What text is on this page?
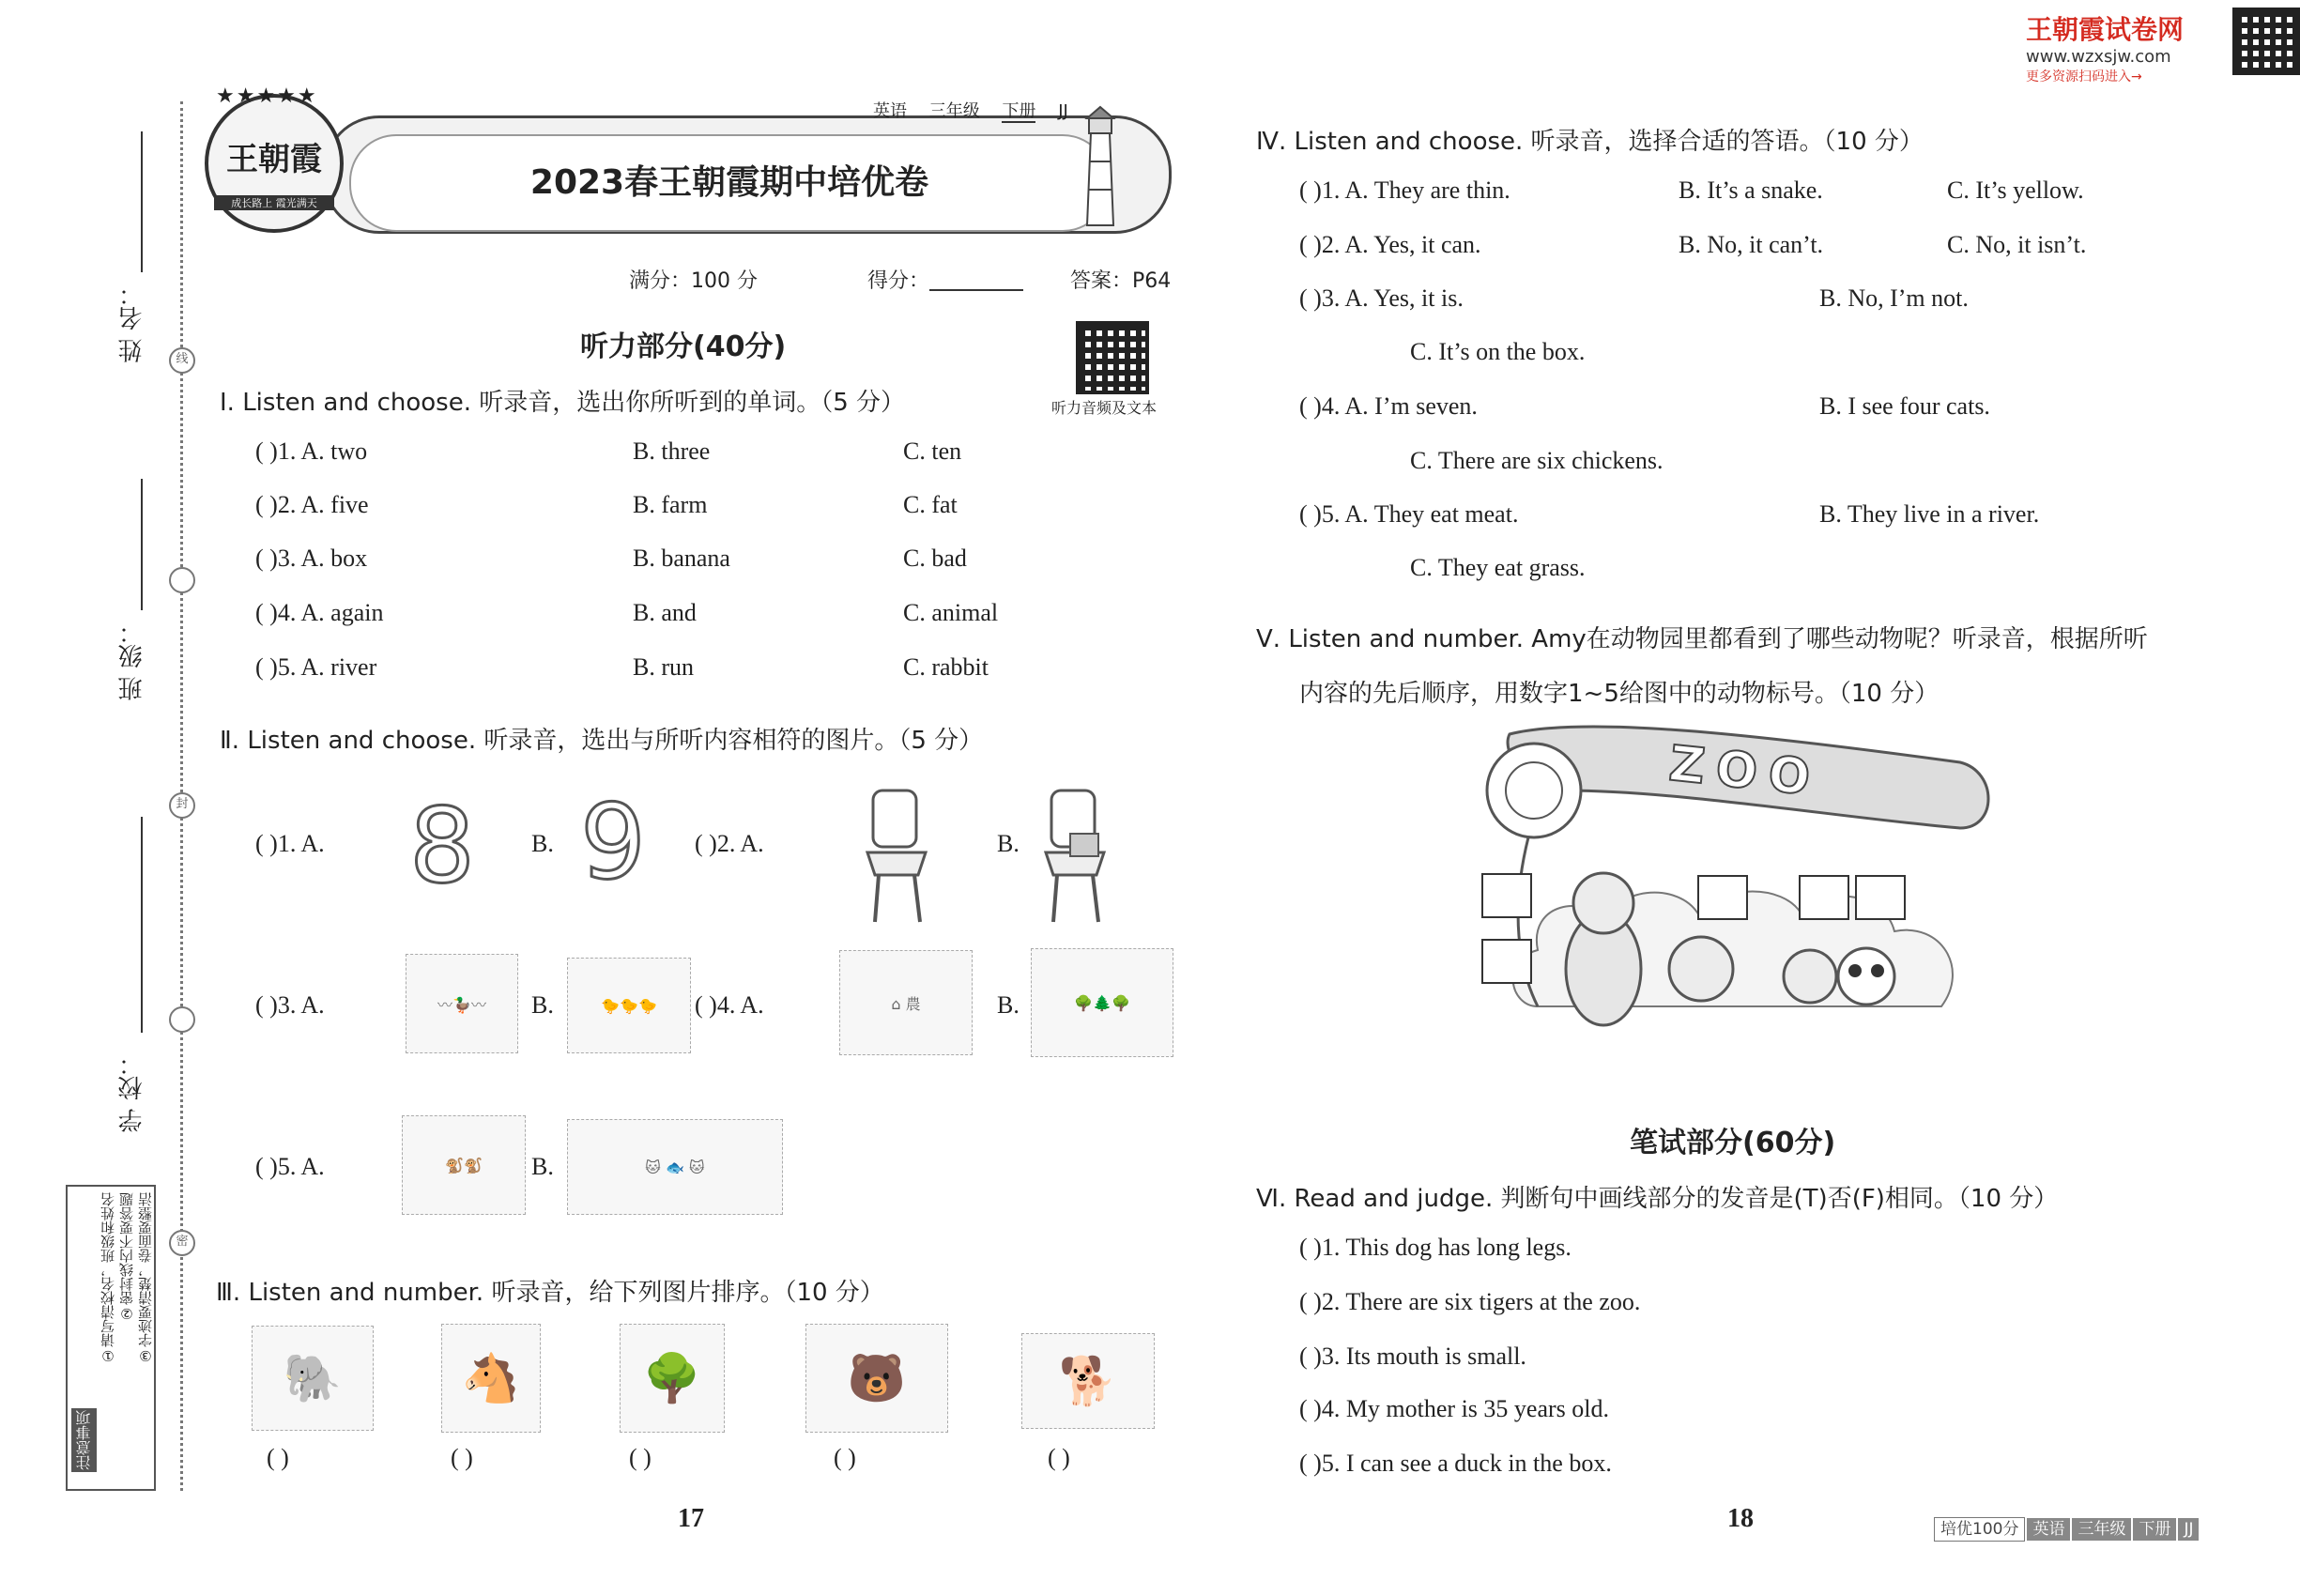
王朝霞试卷网
www.wzxsjw.com
更多资源扫码进入→
姓 名：
班 级：
学 校：
线
封
密
注意事项
①请写清校名，班级和姓名 ②密封线内不要答题 ③字迹要清楚，卷面要整洁
2023春王朝霞期中培优卷
王朝霞
成长路上 霞光满天
★★★★★
英语 三年级 下册 JJ
满分：100 分	得分：	答案：P64
听力音频及文本
听力部分(40分)
Ⅰ. Listen and choose. 听录音，选出你所听到的单词。（5 分）
( )1. A. two	B. three	C. ten
( )2. A. five	B. farm	C. fat
( )3. A. box	B. banana	C. bad
( )4. A. again	B. and	C. animal
( )5. A. river	B. run	C. rabbit
Ⅱ. Listen and choose. 听录音，选出与所听内容相符的图片。（5 分）
( )1. A. 8 B. 9 ( )2. A.	B.
( )3. A.	〰🦆〰	B.	🐤🐤🐤	( )4. A.	⌂ 農	B.	🌳🌲🌳
( )5. A.	🐒🐒	B.	🐱 🐟 🐱
Ⅲ. Listen and number. 听录音，给下列图片排序。（10 分）
🐘	🐴	🌳	🐻	🐕
( )	( )	( )	( )	( )
17
Ⅳ. Listen and choose. 听录音，选择合适的答语。（10 分）
( )1. A. They are thin.	B. It’s a snake.	C. It’s yellow.
( )2. A. Yes, it can.	B. No, it can’t.	C. No, it isn’t.
( )3. A. Yes, it is.	B. No, I’m not.
C. It’s on the box.
( )4. A. I’m seven.	B. I see four cats.
C. There are six chickens.
( )5. A. They eat meat.	B. They live in a river.
C. They eat grass.
Ⅴ. Listen and number. Amy在动物园里都看到了哪些动物呢？听录音，根据所听
内容的先后顺序，用数字1~5给图中的动物标号。（10 分）
ZOO
笔试部分(60分)
Ⅵ. Read and judge. 判断句中画线部分的发音是(T)否(F)相同。（10 分）
( )1. This dog has long legs.
( )2. There are six tigers at the zoo.
( )3. Its mouth is small.
( )4. My mother is 35 years old.
( )5. I can see a duck in the box.
18	培优100分 英语 三年级 下册 JJ
